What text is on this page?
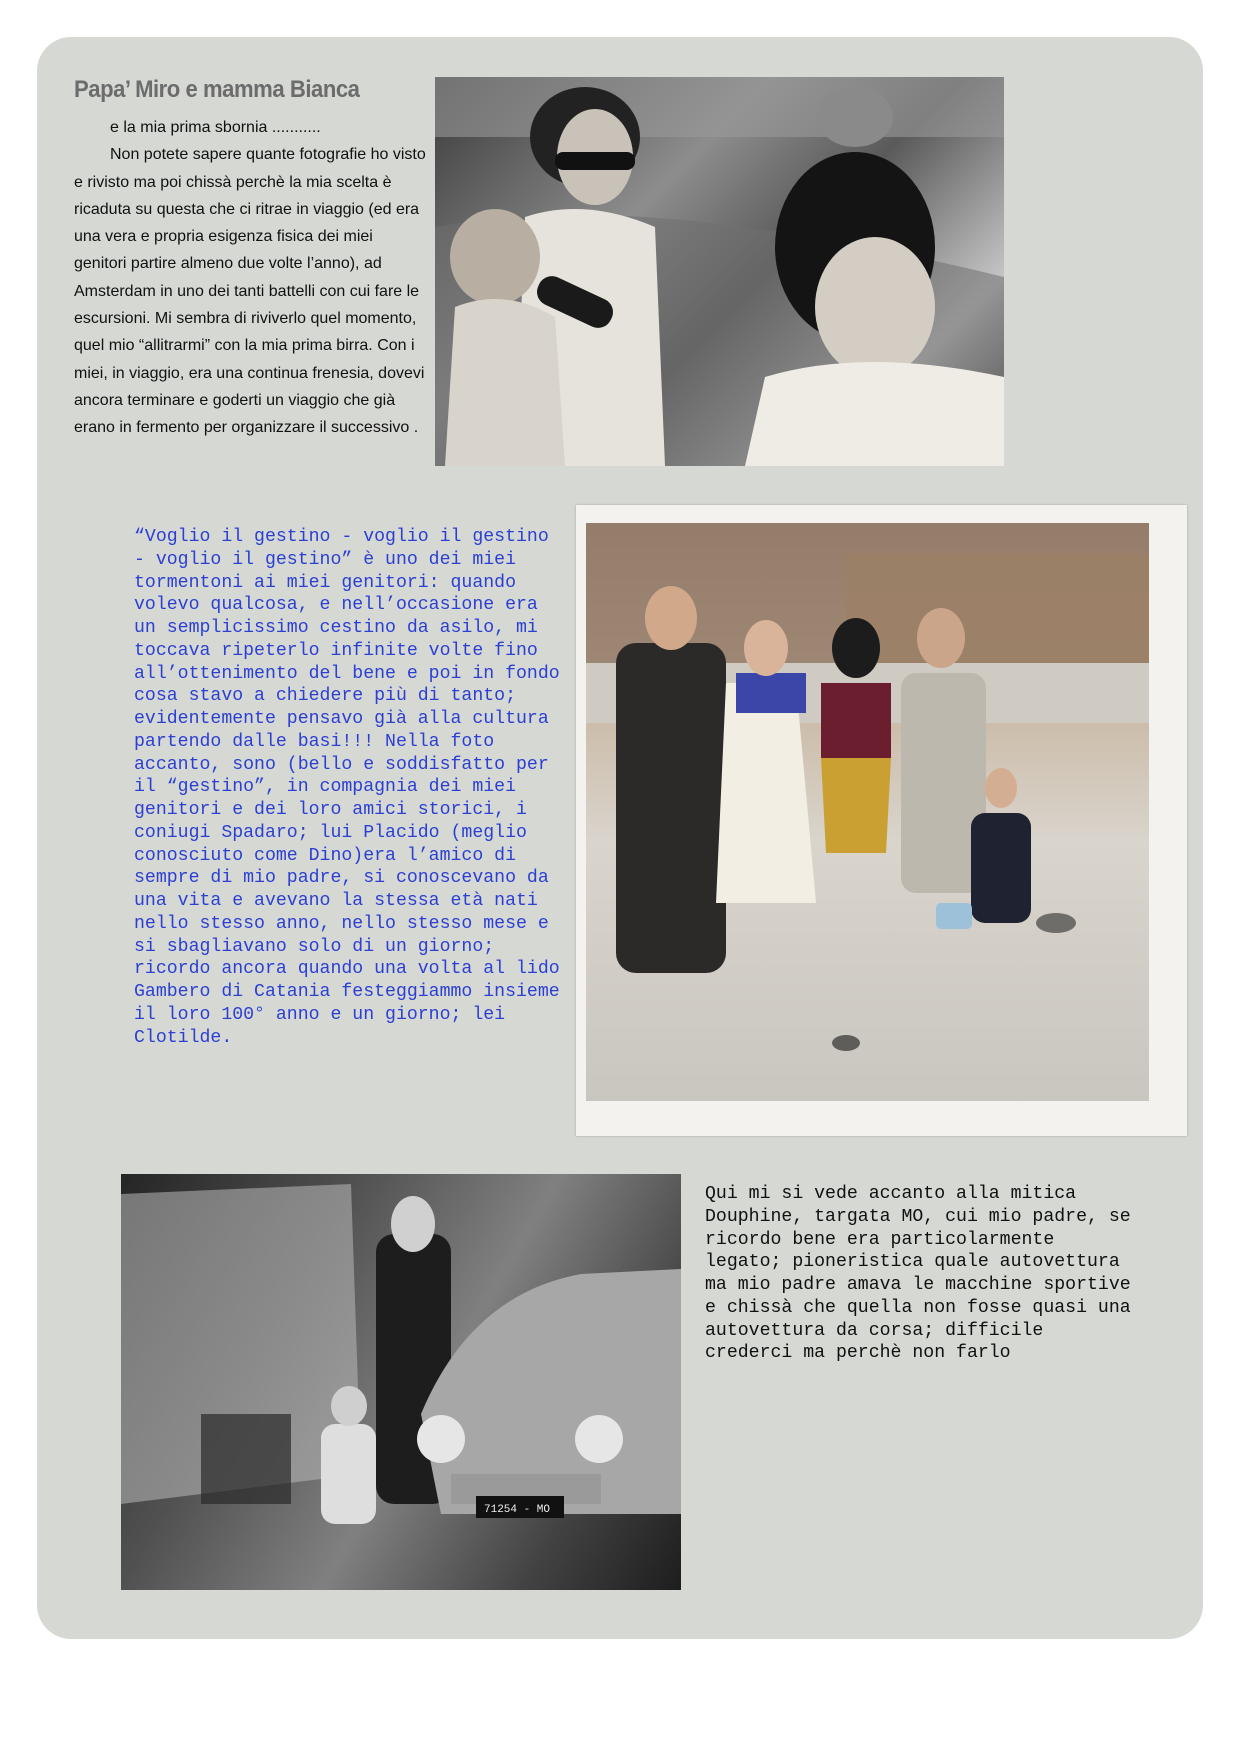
Papa’ Miro e mamma Bianca
e la mia prima sbornia ...........
Non potete sapere quante fotografie ho visto e rivisto ma poi chissà perchè la mia scelta è ricaduta su questa che ci ritrae in viaggio (ed era una vera e propria esigenza fisica dei miei genitori partire almeno due volte l’anno), ad Amsterdam in uno dei tanti battelli con cui fare le escursioni. Mi sembra di riviverlo quel momento, quel mio “allitrarmi” con la mia prima birra. Con i miei, in viaggio, era una continua frenesia, dovevi ancora terminare e goderti un viaggio che già erano in fermento per organizzare il successivo .
“Voglio il gestino - voglio il gestino - voglio il gestino” è uno dei miei tormentoni ai miei genitori: quando volevo qualcosa, e nell’occasione era un semplicissimo cestino da asilo, mi toccava ripeterlo infinite volte fino all’ottenimento del bene e poi in fondo cosa stavo a chiedere più di tanto; evidentemente pensavo già alla cultura partendo dalle basi!!! Nella foto accanto, sono (bello e soddisfatto per il “gestino”, in compagnia dei miei genitori e dei loro amici storici, i coniugi Spadaro; lui Placido (meglio conosciuto come Dino)era l’amico di sempre di mio padre, si conoscevano da una vita e avevano la stessa età nati nello stesso anno, nello stesso mese e si sbagliavano solo di un giorno; ricordo ancora quando una volta al lido Gambero di Catania festeggiammo insieme il loro 100° anno e un giorno; lei Clotilde.
71254 - MO
Qui mi si vede accanto alla mitica Douphine, targata MO, cui mio padre, se ricordo bene era particolarmente legato; pioneristica quale autovettura ma mio padre amava le macchine sportive e chissà che quella non fosse quasi una autovettura da corsa; difficile crederci ma perchè non farlo
